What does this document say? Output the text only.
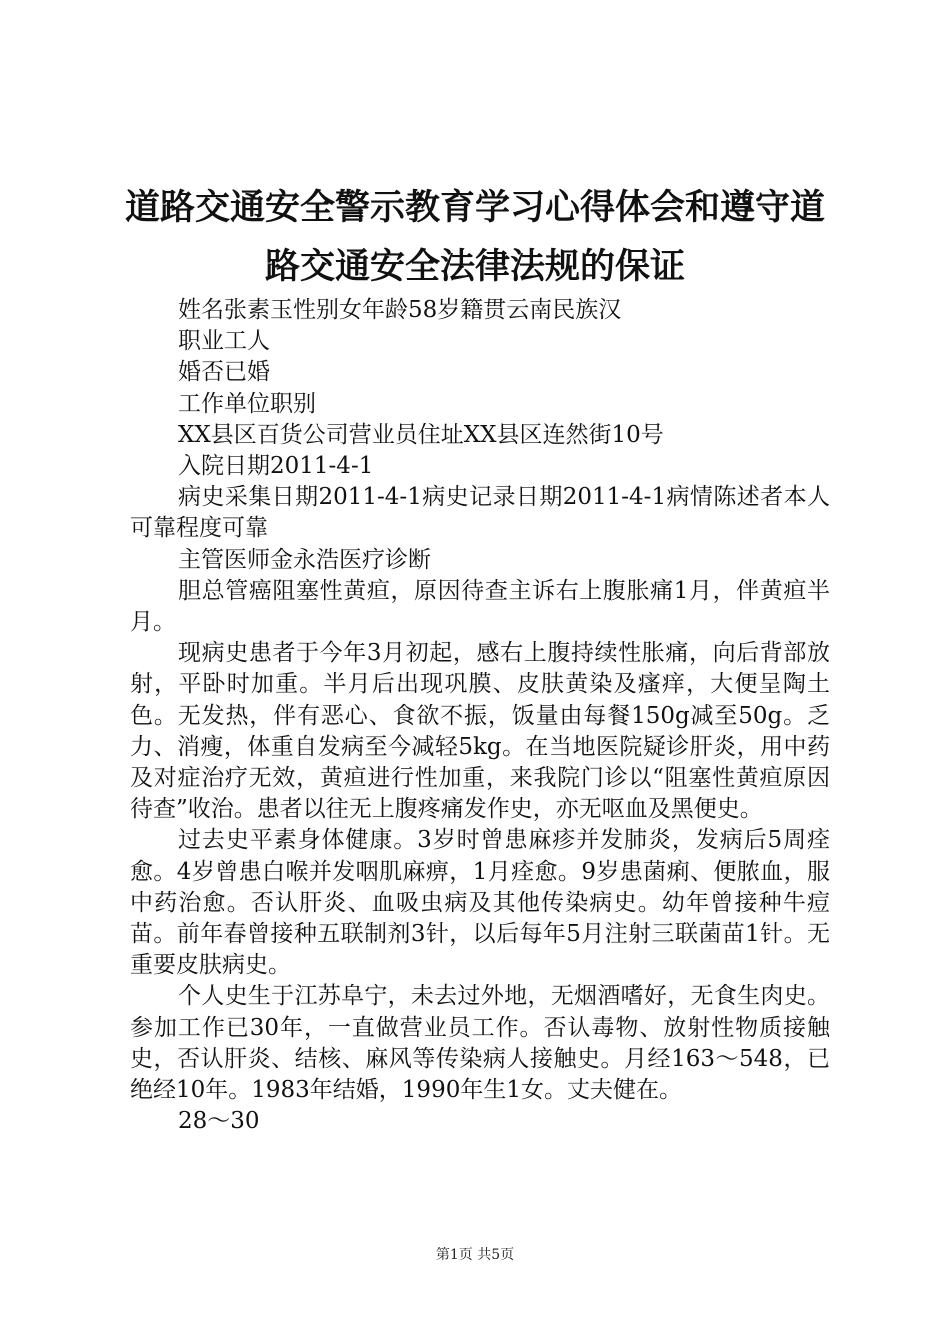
道路交通安全警示教育学习心得体会和遵守道
路交通安全法律法规的保证

姓名张素玉性别女年龄58岁籍贯云南民族汉

职业工人

婚否已婚

工作单位职别

XX县区百货公司营业员住址XX县区连然街10号

入院日期2011-4-1

病史采集日期2011-4-1病史记录日期2011-4-1病情陈述者本人可靠程度可靠

主管医师金永浩医疗诊断

胆总管癌阻塞性黄疸，原因待查主诉右上腹胀痛1月，伴黄疸半月。

现病史患者于今年3月初起，感右上腹持续性胀痛，向后背部放射，平卧时加重。半月后出现巩膜、皮肤黄染及瘙痒，大便呈陶土色。无发热，伴有恶心、食欲不振，饭量由每餐150g减至50g。乏力、消瘦，体重自发病至今减轻5kg。在当地医院疑诊肝炎，用中药及对症治疗无效，黄疸进行性加重，来我院门诊以“阻塞性黄疸原因待查”收治。患者以往无上腹疼痛发作史，亦无呕血及黑便史。

过去史平素身体健康。3岁时曾患麻疹并发肺炎，发病后5周痊愈。4岁曾患白喉并发咽肌麻痹，1月痊愈。9岁患菌痢、便脓血，服中药治愈。否认肝炎、血吸虫病及其他传染病史。幼年曾接种牛痘苗。前年春曾接种五联制剂3针，以后每年5月注射三联菌苗1针。无重要皮肤病史。

个人史生于江苏阜宁，未去过外地，无烟酒嗜好，无食生肉史。参加工作已30年，一直做营业员工作。否认毒物、放射性物质接触史，否认肝炎、结核、麻风等传染病人接触史。月经163～548，已绝经10年。1983年结婚，1990年生1女。丈夫健在。

28～30

第1页 共5页
